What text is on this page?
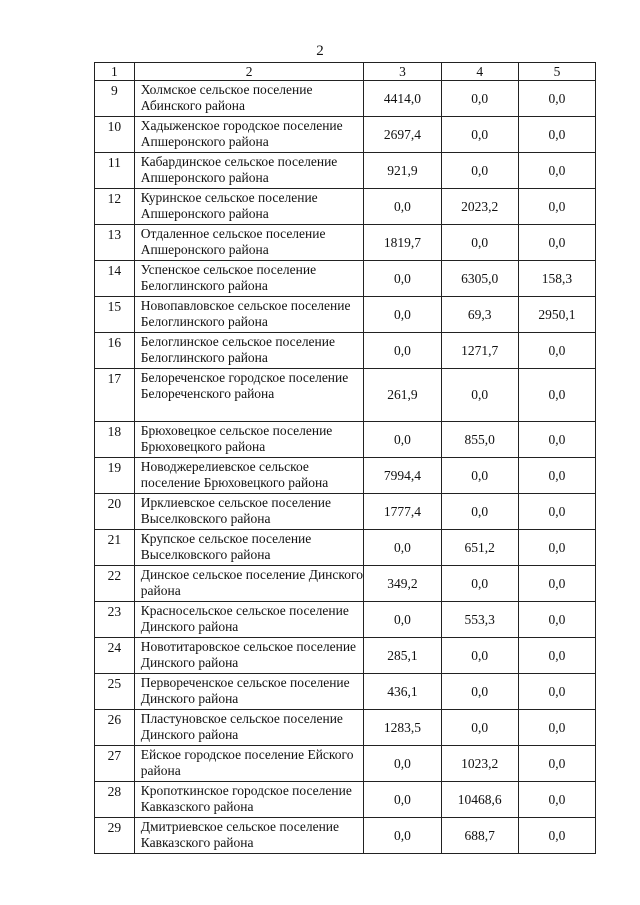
2
1	2	3	4	5
9	Холмское сельское поселение Абинского района	4414,0	0,0	0,0
10	Хадыженское городское поселение Апшеронского района	2697,4	0,0	0,0
11	Кабардинское сельское поселение Апшеронского района	921,9	0,0	0,0
12	Куринское сельское поселение Апшеронского района	0,0	2023,2	0,0
13	Отдаленное сельское поселение Апшеронского района	1819,7	0,0	0,0
14	Успенское сельское поселение Белоглинского района	0,0	6305,0	158,3
15	Новопавловское сельское поселение Белоглинского района	0,0	69,3	2950,1
16	Белоглинское сельское поселение Белоглинского района	0,0	1271,7	0,0
17	Белореченское городское поселение Белореченского района	261,9	0,0	0,0
18	Брюховецкое сельское поселение Брюховецкого района	0,0	855,0	0,0
19	Новоджерелиевское сельское поселение Брюховецкого района	7994,4	0,0	0,0
20	Ирклиевское сельское поселение Выселковского района	1777,4	0,0	0,0
21	Крупское сельское поселение Выселковского района	0,0	651,2	0,0
22	Динское сельское поселение Динского района	349,2	0,0	0,0
23	Красносельское сельское поселение Динского района	0,0	553,3	0,0
24	Новотитаровское сельское поселение Динского района	285,1	0,0	0,0
25	Первореченское сельское поселение Динского района	436,1	0,0	0,0
26	Пластуновское сельское поселение Динского района	1283,5	0,0	0,0
27	Ейское городское поселение Ейского района	0,0	1023,2	0,0
28	Кропоткинское городское поселение Кавказского района	0,0	10468,6	0,0
29	Дмитриевское сельское поселение Кавказского района	0,0	688,7	0,0
